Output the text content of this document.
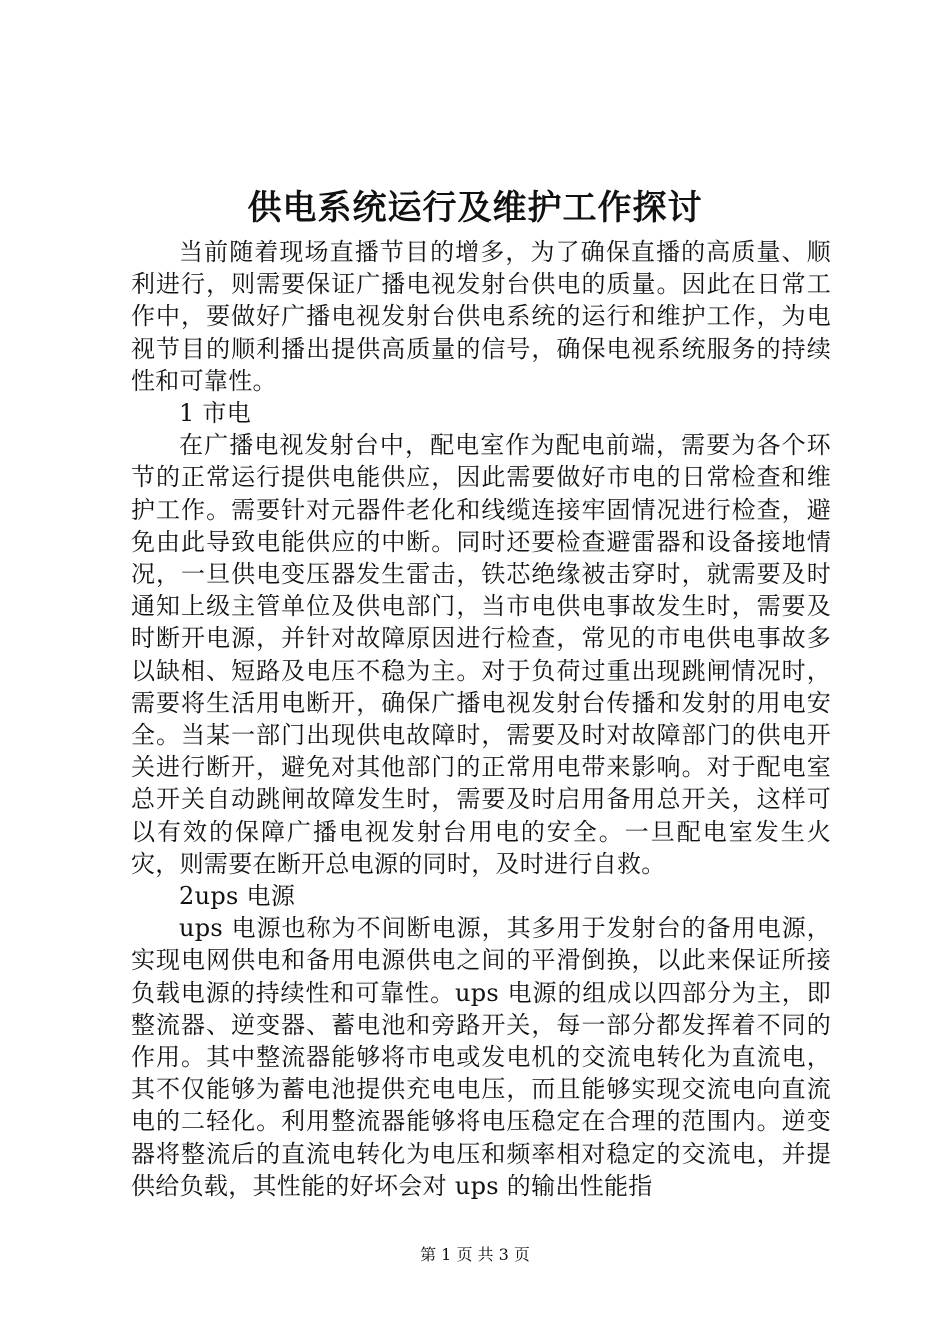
供电系统运行及维护工作探讨

当前随着现场直播节目的增多，为了确保直播的高质量、顺利进行，则需要保证广播电视发射台供电的质量。因此在日常工作中，要做好广播电视发射台供电系统的运行和维护工作，为电视节目的顺利播出提供高质量的信号，确保电视系统服务的持续性和可靠性。

1 市电

在广播电视发射台中，配电室作为配电前端，需要为各个环节的正常运行提供电能供应，因此需要做好市电的日常检查和维护工作。需要针对元器件老化和线缆连接牢固情况进行检查，避免由此导致电能供应的中断。同时还要检查避雷器和设备接地情况，一旦供电变压器发生雷击，铁芯绝缘被击穿时，就需要及时通知上级主管单位及供电部门，当市电供电事故发生时，需要及时断开电源，并针对故障原因进行检查，常见的市电供电事故多以缺相、短路及电压不稳为主。对于负荷过重出现跳闸情况时，需要将生活用电断开，确保广播电视发射台传播和发射的用电安全。当某一部门出现供电故障时，需要及时对故障部门的供电开关进行断开，避免对其他部门的正常用电带来影响。对于配电室总开关自动跳闸故障发生时，需要及时启用备用总开关，这样可以有效的保障广播电视发射台用电的安全。一旦配电室发生火灾，则需要在断开总电源的同时，及时进行自救。

2ups 电源

ups 电源也称为不间断电源，其多用于发射台的备用电源，实现电网供电和备用电源供电之间的平滑倒换，以此来保证所接负载电源的持续性和可靠性。ups 电源的组成以四部分为主，即整流器、逆变器、蓄电池和旁路开关，每一部分都发挥着不同的作用。其中整流器能够将市电或发电机的交流电转化为直流电，其不仅能够为蓄电池提供充电电压，而且能够实现交流电向直流电的二轻化。利用整流器能够将电压稳定在合理的范围内。逆变器将整流后的直流电转化为电压和频率相对稳定的交流电，并提供给负载，其性能的好坏会对 ups 的输出性能指

第 1 页 共 3 页
